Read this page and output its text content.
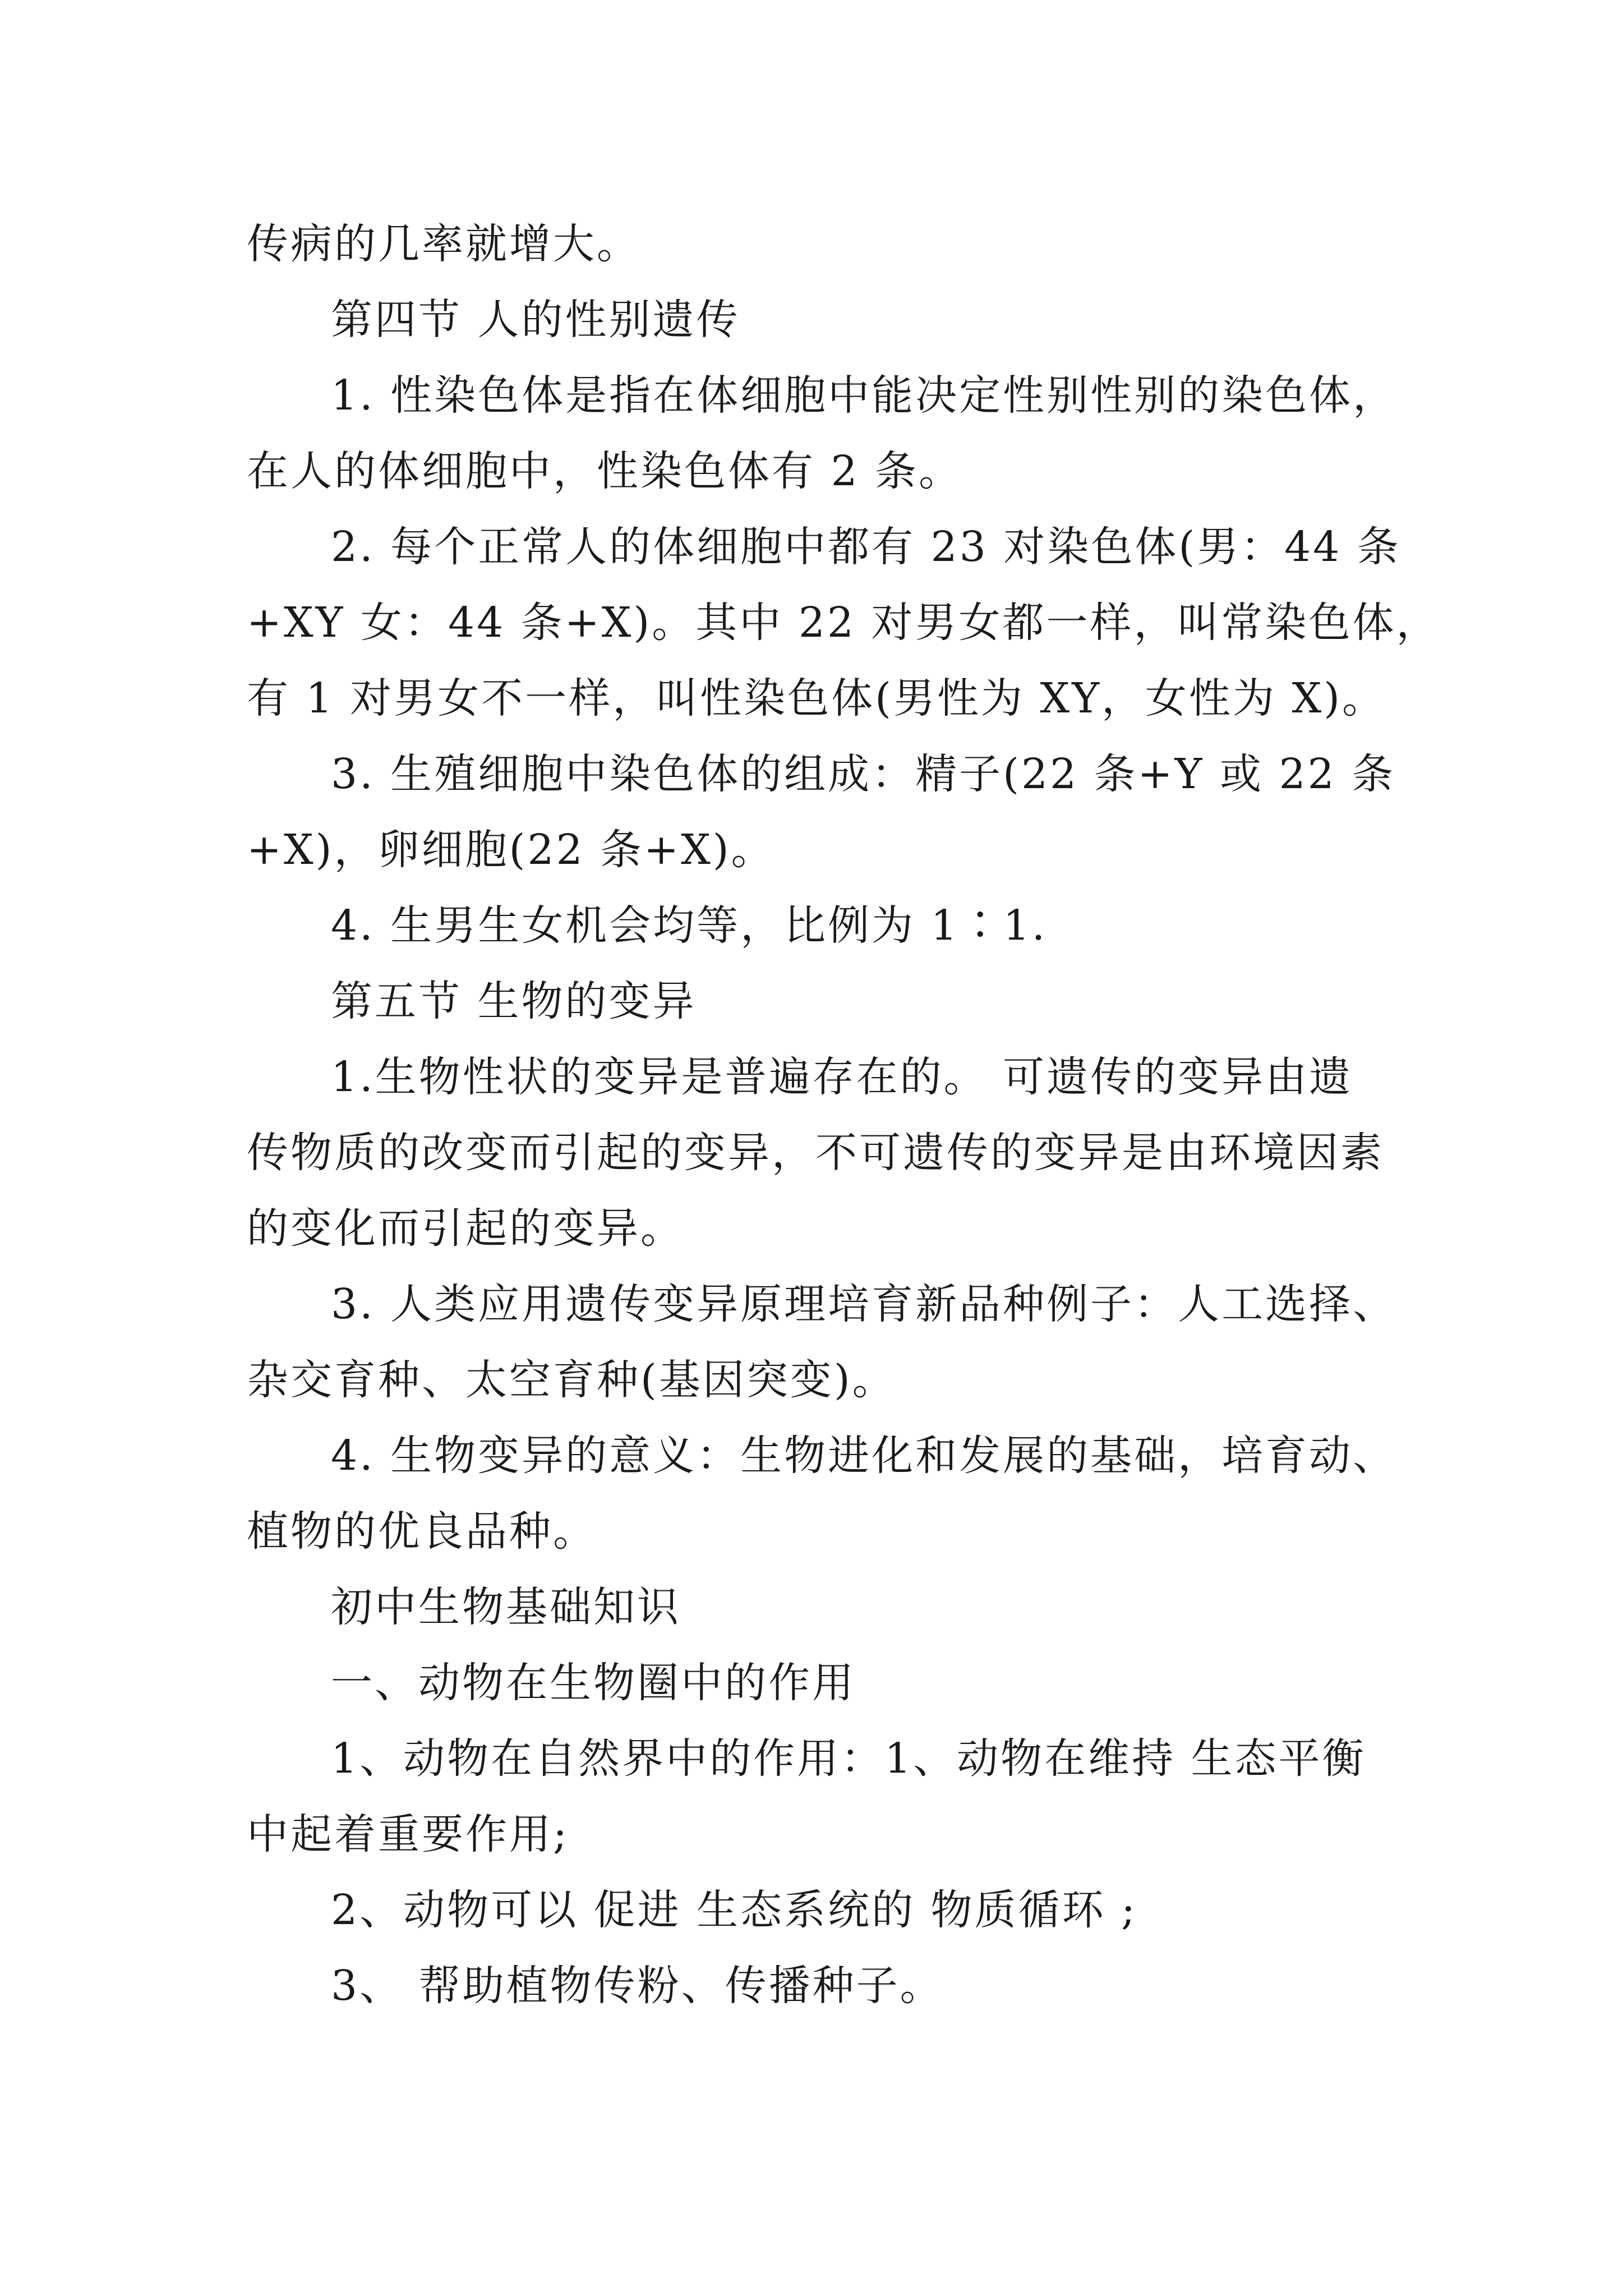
传病的几率就增大。
第四节 人的性别遗传
1. 性染色体是指在体细胞中能决定性别性别的染色体，
在人的体细胞中，性染色体有 2 条。
2. 每个正常人的体细胞中都有 23 对染色体(男：44 条
+XY 女：44 条+X)。其中 22 对男女都一样，叫常染色体，
有 1 对男女不一样，叫性染色体(男性为 XY，女性为 X)。
3. 生殖细胞中染色体的组成：精子(22 条+Y 或 22 条
+X)，卵细胞(22 条+X)。
4. 生男生女机会均等，比例为 1∶1.
第五节 生物的变异
1.生物性状的变异是普遍存在的。 可遗传的变异由遗
传物质的改变而引起的变异，不可遗传的变异是由环境因素
的变化而引起的变异。
3. 人类应用遗传变异原理培育新品种例子：人工选择、
杂交育种、太空育种(基因突变)。
4. 生物变异的意义：生物进化和发展的基础，培育动、
植物的优良品种。
初中生物基础知识
一、动物在生物圈中的作用
1、动物在自然界中的作用：1、动物在维持 生态平衡
中起着重要作用;
2、动物可以 促进 生态系统的 物质循环 ;
3、 帮助植物传粉、传播种子。
